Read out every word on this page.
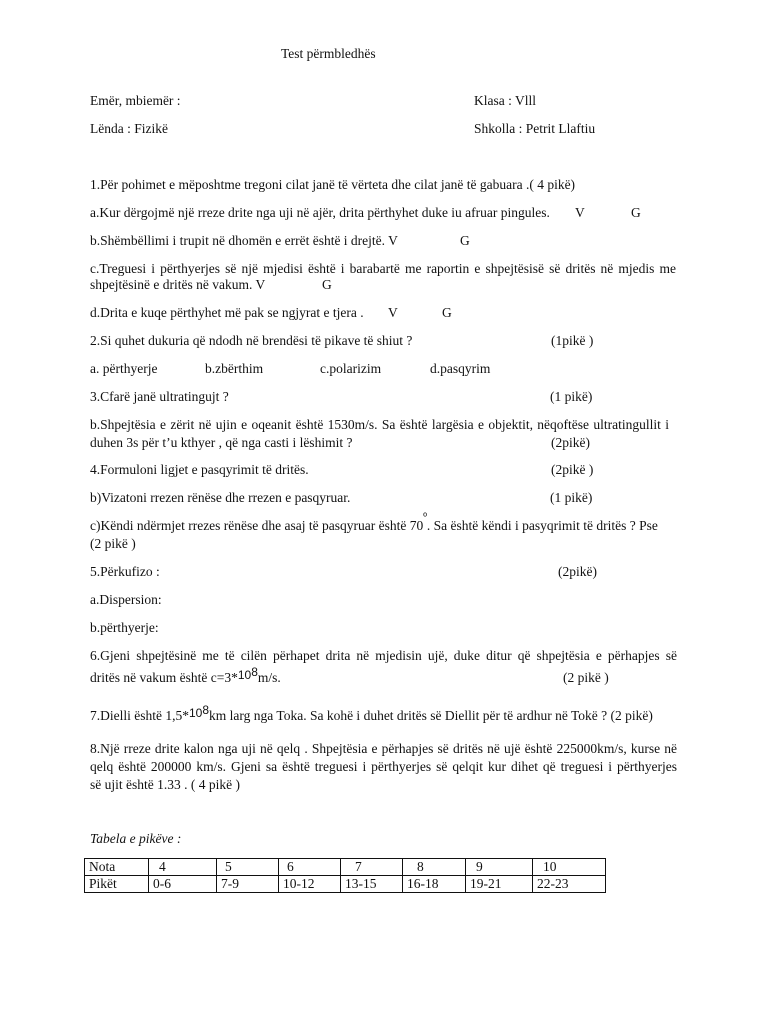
Test përmbledhës
Emër, mbiemër :	Klasa : Vlll
Lënda : Fizikë	Shkolla : Petrit Llaftiu
1.Për pohimet e mëposhtme tregoni cilat janë të vërteta dhe cilat janë të gabuara .( 4 pikë)
a.Kur dërgojmë një rreze drite nga uji në ajër, drita përthyhet duke iu afruar pingules. V	G
b.Shëmbëllimi i trupit në dhomën e errët është i drejtë. V	G
c.Treguesi i përthyerjes së një mjedisi është i barabartë me raportin e shpejtësisë së dritës në mjedis me
shpejtësinë e dritës në vakum. V	G
d.Drita e kuqe përthyhet më pak se ngjyrat e tjera . V	G
2.Si quhet dukuria që ndodh në brendësi të pikave të shiut ?	(1pikë )
a. përthyerje	b.zbërthim	c.polarizim	d.pasqyrim
3.Cfarë janë ultratingujt ?	(1 pikë)
b.Shpejtësia e zërit në ujin e oqeanit është 1530m/s. Sa është largësia e objektit, nëqoftëse ultratingullit i
duhen 3s për t’u kthyer , që nga casti i lëshimit ?	(2pikë)
4.Formuloni ligjet e pasqyrimit të dritës.	(2pikë )
b)Vizatoni rrezen rënëse dhe rrezen e pasqyruar.	(1 pikë)
c)Këndi ndërmjet rrezes rënëse dhe asaj të pasqyruar është $70^º$. Sa është këndi i pasyqrimit të dritës ? Pse
(2 pikë )
5.Përkufizo :	(2pikë)
a.Dispersion:
b.përthyerje:
6.Gjeni shpejtësinë me të cilën përhapet drita në mjedisin ujë, duke ditur që shpejtësia e përhapjes së
dritës në vakum është c=3*108m/s.	(2 pikë )
7.Dielli është 1,5*108km larg nga Toka. Sa kohë i duhet dritës së Diellit për të ardhur në Tokë ? (2 pikë)
8.Një rreze drite kalon nga uji në qelq . Shpejtësia e përhapjes së dritës në ujë është 225000km/s, kurse në
qelq është 200000 km/s. Gjeni sa është treguesi i përthyerjes së qelqit kur dihet që treguesi i përthyerjes
së ujit është 1.33 . ( 4 pikë )
Tabela e pikëve :
Nota	4	5	6	7	8	9	10
Pikët	0-6	7-9	10-12	13-15	16-18	19-21	22-23
